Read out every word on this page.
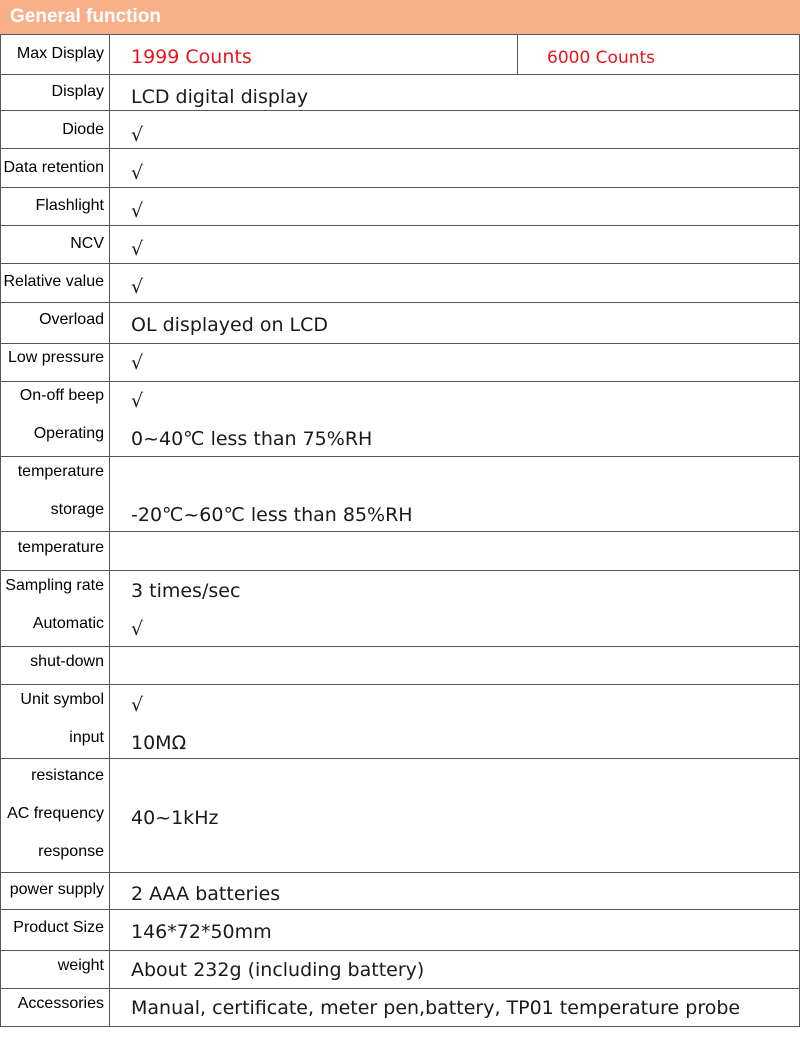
General function
Max Display 1999 Counts	6000 Counts
Display LCD digital display
Diode √
Data retention √
Flashlight √
NCV √
Relative value √
Overload OL displayed on LCD
Low pressure √
On-off beep √
Operating 0~40℃ less than 75%RH
temperature
storage -20℃~60℃ less than 85%RH
temperature
Sampling rate 3 times/sec
Automatic √
shut-down
Unit symbol √
input 10MΩ
resistance
AC frequency 40~1kHz
response
power supply 2 AAA batteries
Product Size 146*72*50mm
weight About 232g (including battery)
Accessories Manual, certificate, meter pen,battery, TP01 temperature probe
